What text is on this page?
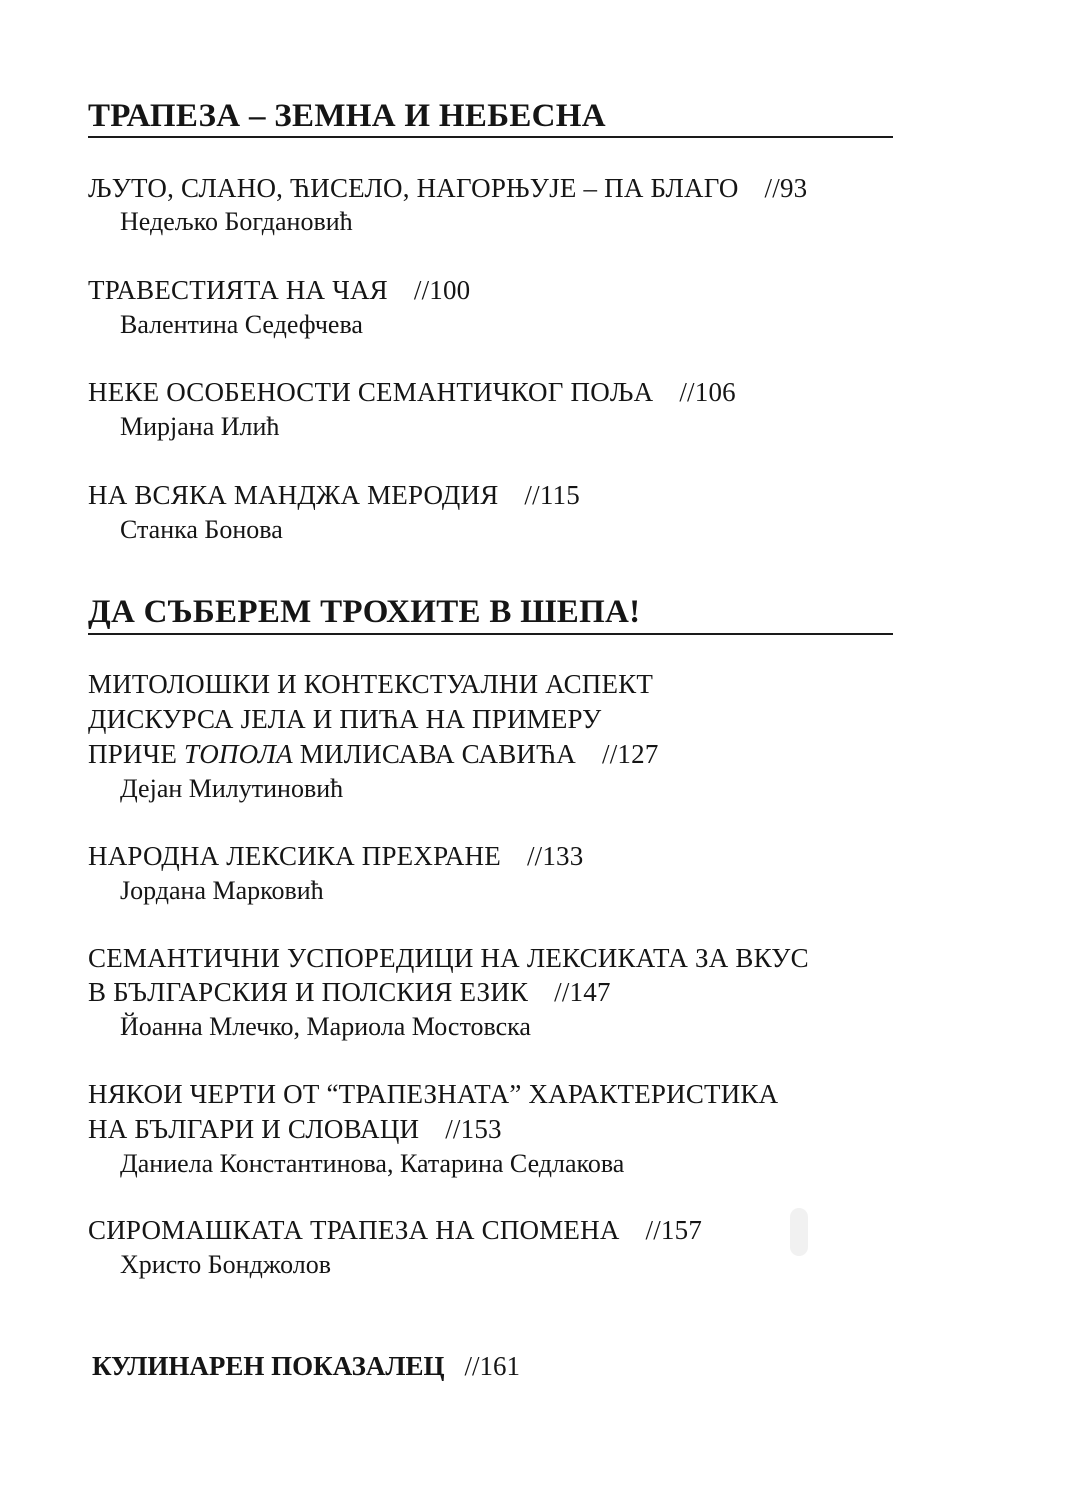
ТРАПЕЗА – ЗЕМНА И НЕБЕСНА
ЉУТО, СЛАНО, ЋИСЕЛО, НАГОРЊУЈЕ – ПА БЛАГО //93
Недељко Богдановић
ТРАВЕСТИЯТА НА ЧАЯ //100
Валентина Седефчева
НЕКЕ ОСОБЕНОСТИ СЕМАНТИЧКОГ ПОЉА //106
Мирјана Илић
НА ВСЯКА МАНДЖА МЕРОДИЯ //115
Станка Бонова
ДА СЪБЕРЕМ ТРОХИТЕ В ШЕПА!
МИТОЛОШКИ И КОНТЕКСТУАЛНИ АСПЕКТ
ДИСКУРСА ЈЕЛА И ПИЋА НА ПРИМЕРУ
ПРИЧЕ ТОПОЛА МИЛИСАВА САВИЋА //127
Дејан Милутиновић
НАРОДНА ЛЕКСИКА ПРЕХРАНЕ //133
Јордана Марковић
СЕМАНТИЧНИ УСПОРЕДИЦИ НА ЛЕКСИКАТА ЗА ВКУС
В БЪЛГАРСКИЯ И ПОЛСКИЯ ЕЗИК //147
Йоанна Млечко, Мариола Мостовска
НЯКОИ ЧЕРТИ ОТ “ТРАПЕЗНАТА” ХАРАКТЕРИСТИКА
НА БЪЛГАРИ И СЛОВАЦИ //153
Даниела Константинова, Катарина Седлакова
СИРОМАШКАТА ТРАПЕЗА НА СПОМЕНА //157
Христо Бонджолов
КУЛИНАРЕН ПОКАЗАЛЕЦ //161
